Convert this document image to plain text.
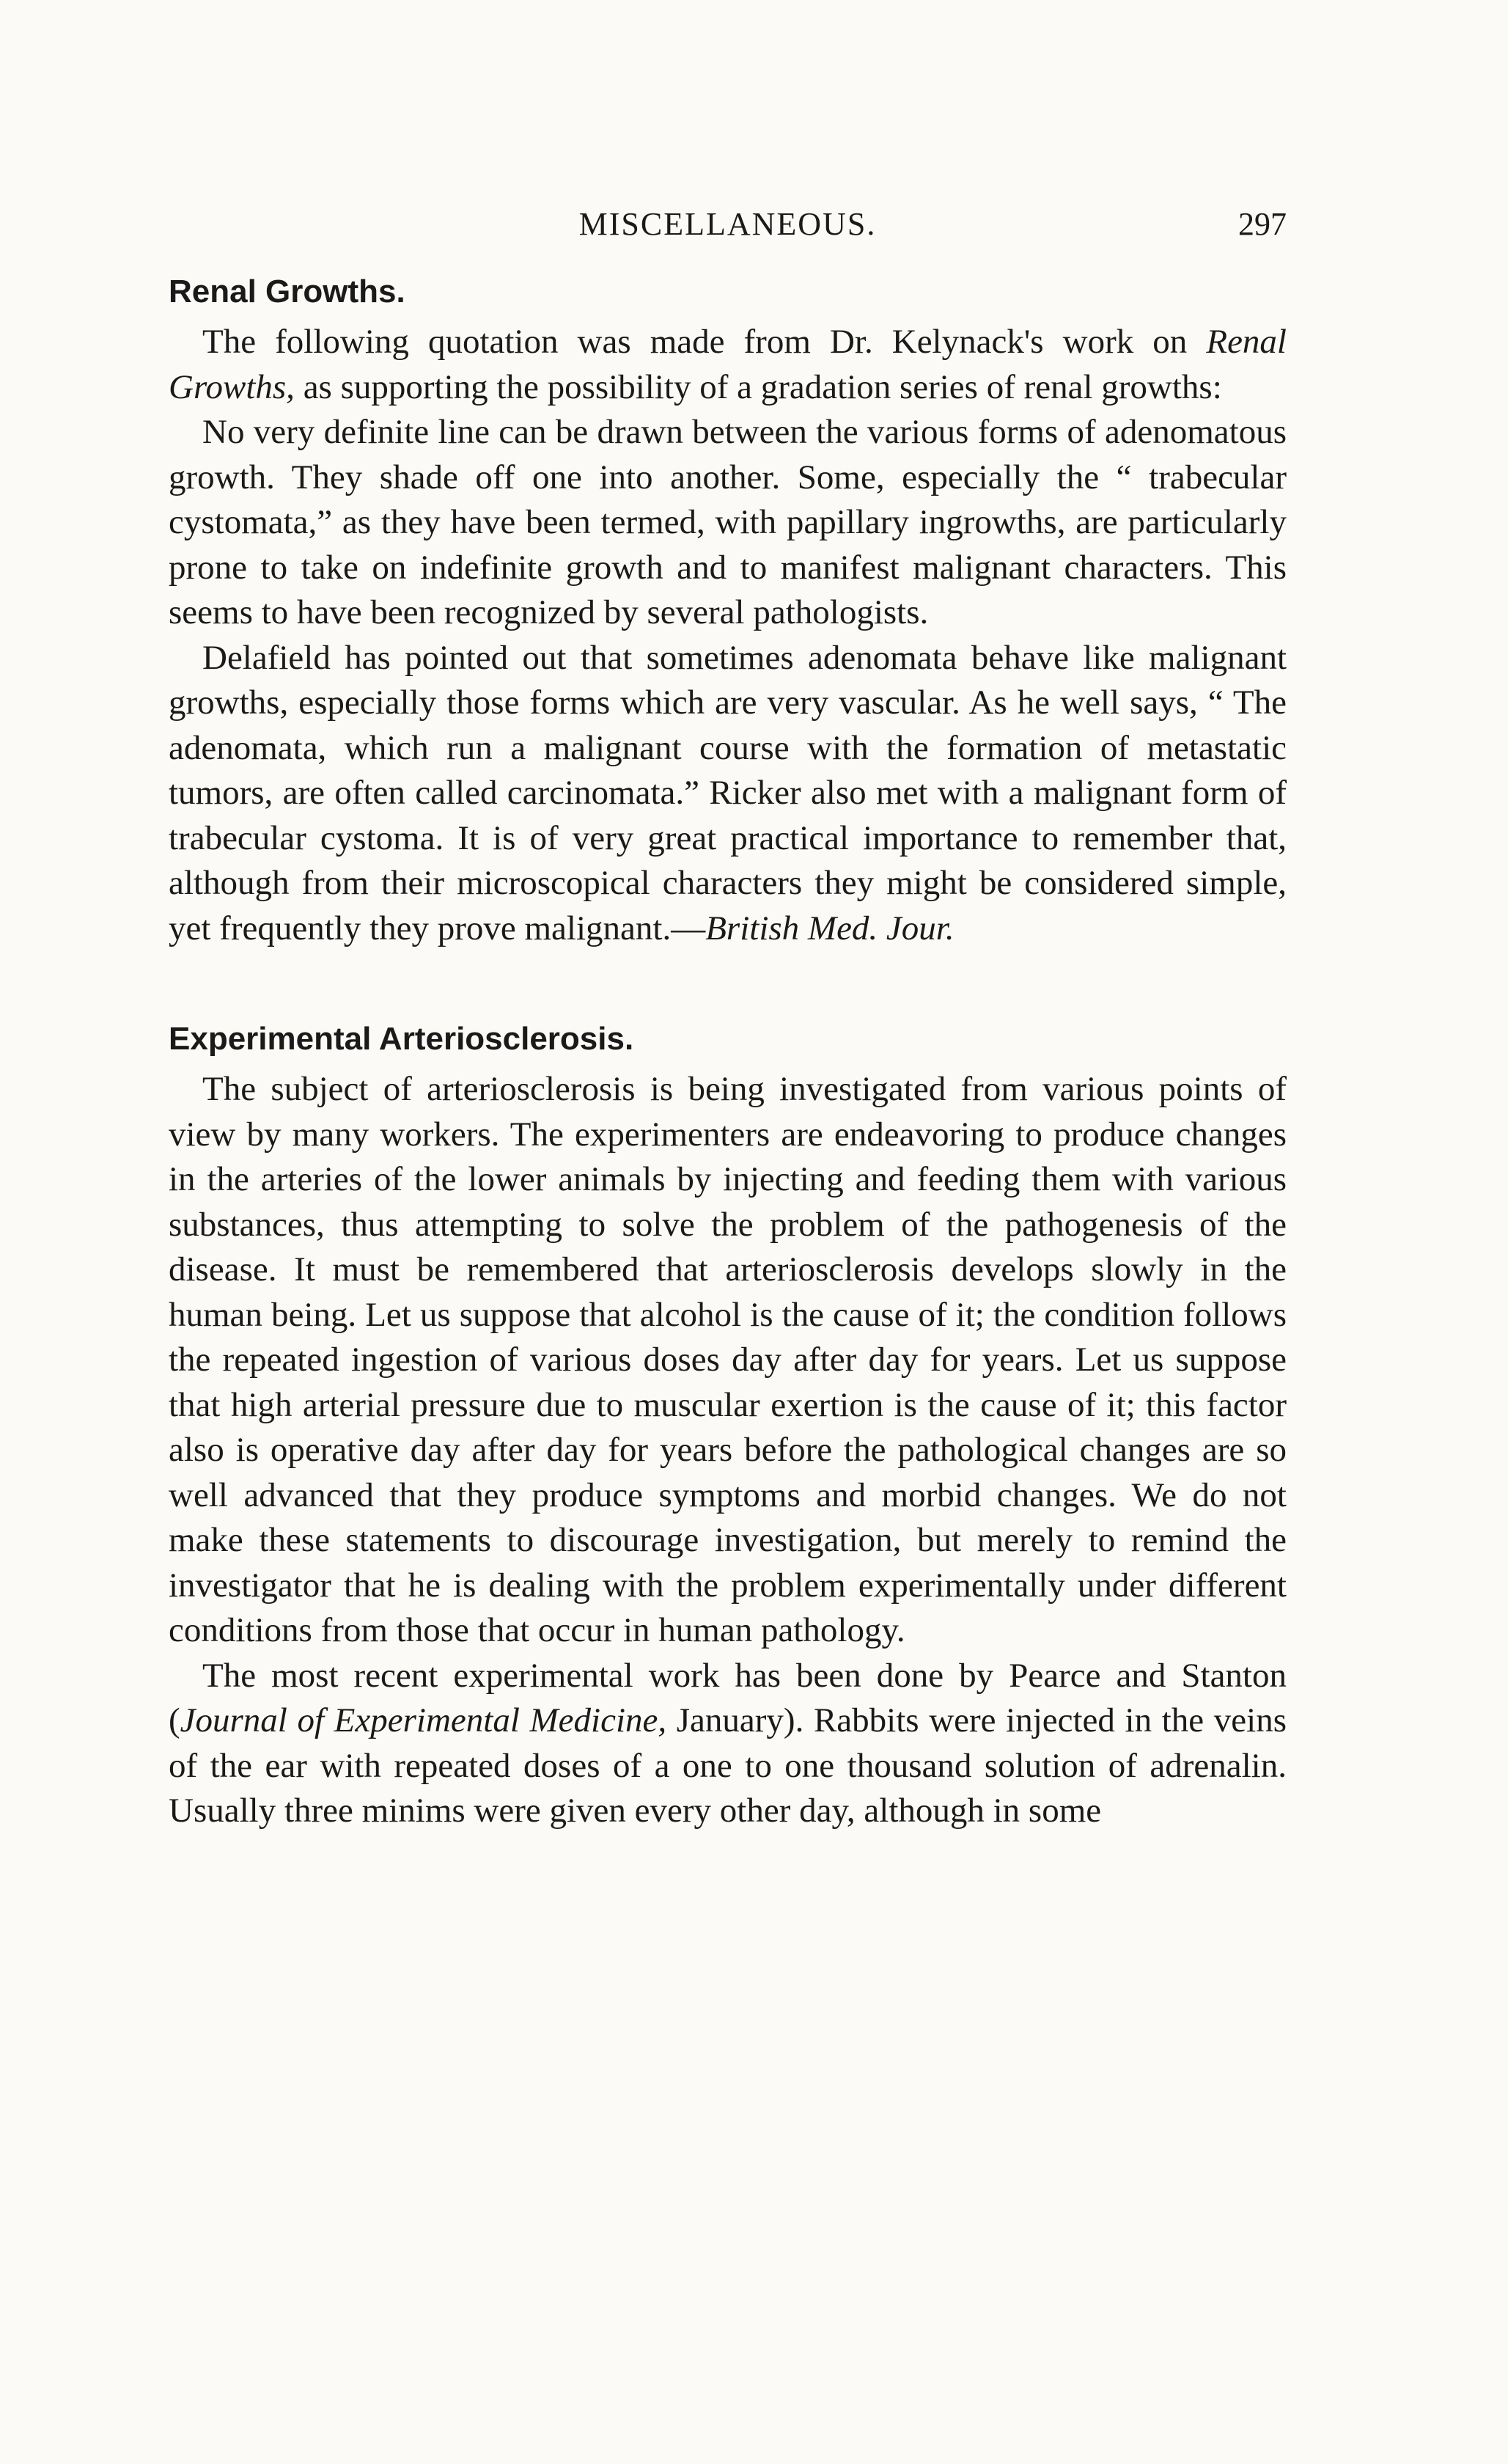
MISCELLANEOUS.	297
Renal Growths.

The following quotation was made from Dr. Kelynack's work on Renal Growths, as supporting the possibility of a gradation series of renal growths:

No very definite line can be drawn between the various forms of adenomatous growth. They shade off one into another. Some, especially the “ trabecular cystomata,” as they have been termed, with papillary ingrowths, are particularly prone to take on indefinite growth and to manifest malignant characters. This seems to have been recognized by several pathologists.

Delafield has pointed out that sometimes adenomata behave like malignant growths, especially those forms which are very vascular. As he well says, “ The adenomata, which run a malignant course with the formation of metastatic tumors, are often called carcinomata.” Ricker also met with a malignant form of trabecular cystoma. It is of very great practical importance to remember that, although from their microscopical characters they might be considered simple, yet frequently they prove malignant.—British Med. Jour.

Experimental Arteriosclerosis.

The subject of arteriosclerosis is being investigated from various points of view by many workers. The experimenters are endeavoring to produce changes in the arteries of the lower animals by injecting and feeding them with various substances, thus attempting to solve the problem of the pathogenesis of the disease. It must be remembered that arteriosclerosis develops slowly in the human being. Let us suppose that alcohol is the cause of it; the condition follows the repeated ingestion of various doses day after day for years. Let us suppose that high arterial pressure due to muscular exertion is the cause of it; this factor also is operative day after day for years before the pathological changes are so well advanced that they produce symptoms and morbid changes. We do not make these statements to discourage investigation, but merely to remind the investigator that he is dealing with the problem experimentally under different conditions from those that occur in human pathology.

The most recent experimental work has been done by Pearce and Stanton (Journal of Experimental Medicine, January). Rabbits were injected in the veins of the ear with repeated doses of a one to one thousand solution of adrenalin. Usually three minims were given every other day, although in some
